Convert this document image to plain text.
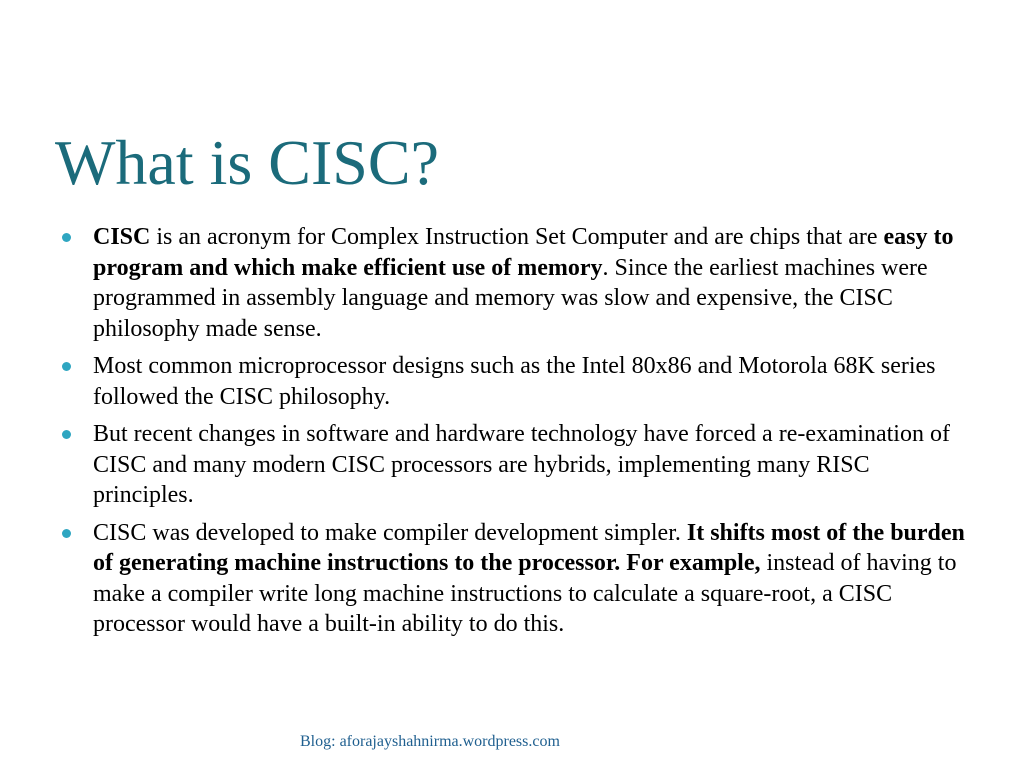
What is CISC?
CISC is an acronym for Complex Instruction Set Computer and are chips that are easy to program and which make efficient use of memory. Since the earliest machines were programmed in assembly language and memory was slow and expensive, the CISC philosophy made sense.
Most common microprocessor designs such as the Intel 80x86 and Motorola 68K series followed the CISC philosophy.
But recent changes in software and hardware technology have forced a re-examination of CISC and many modern CISC processors are hybrids, implementing many RISC principles.
CISC was developed to make compiler development simpler. It shifts most of the burden of generating machine instructions to the processor. For example, instead of having to make a compiler write long machine instructions to calculate a square-root, a CISC processor would have a built-in ability to do this.
Blog: aforajayshahnirma.wordpress.com
